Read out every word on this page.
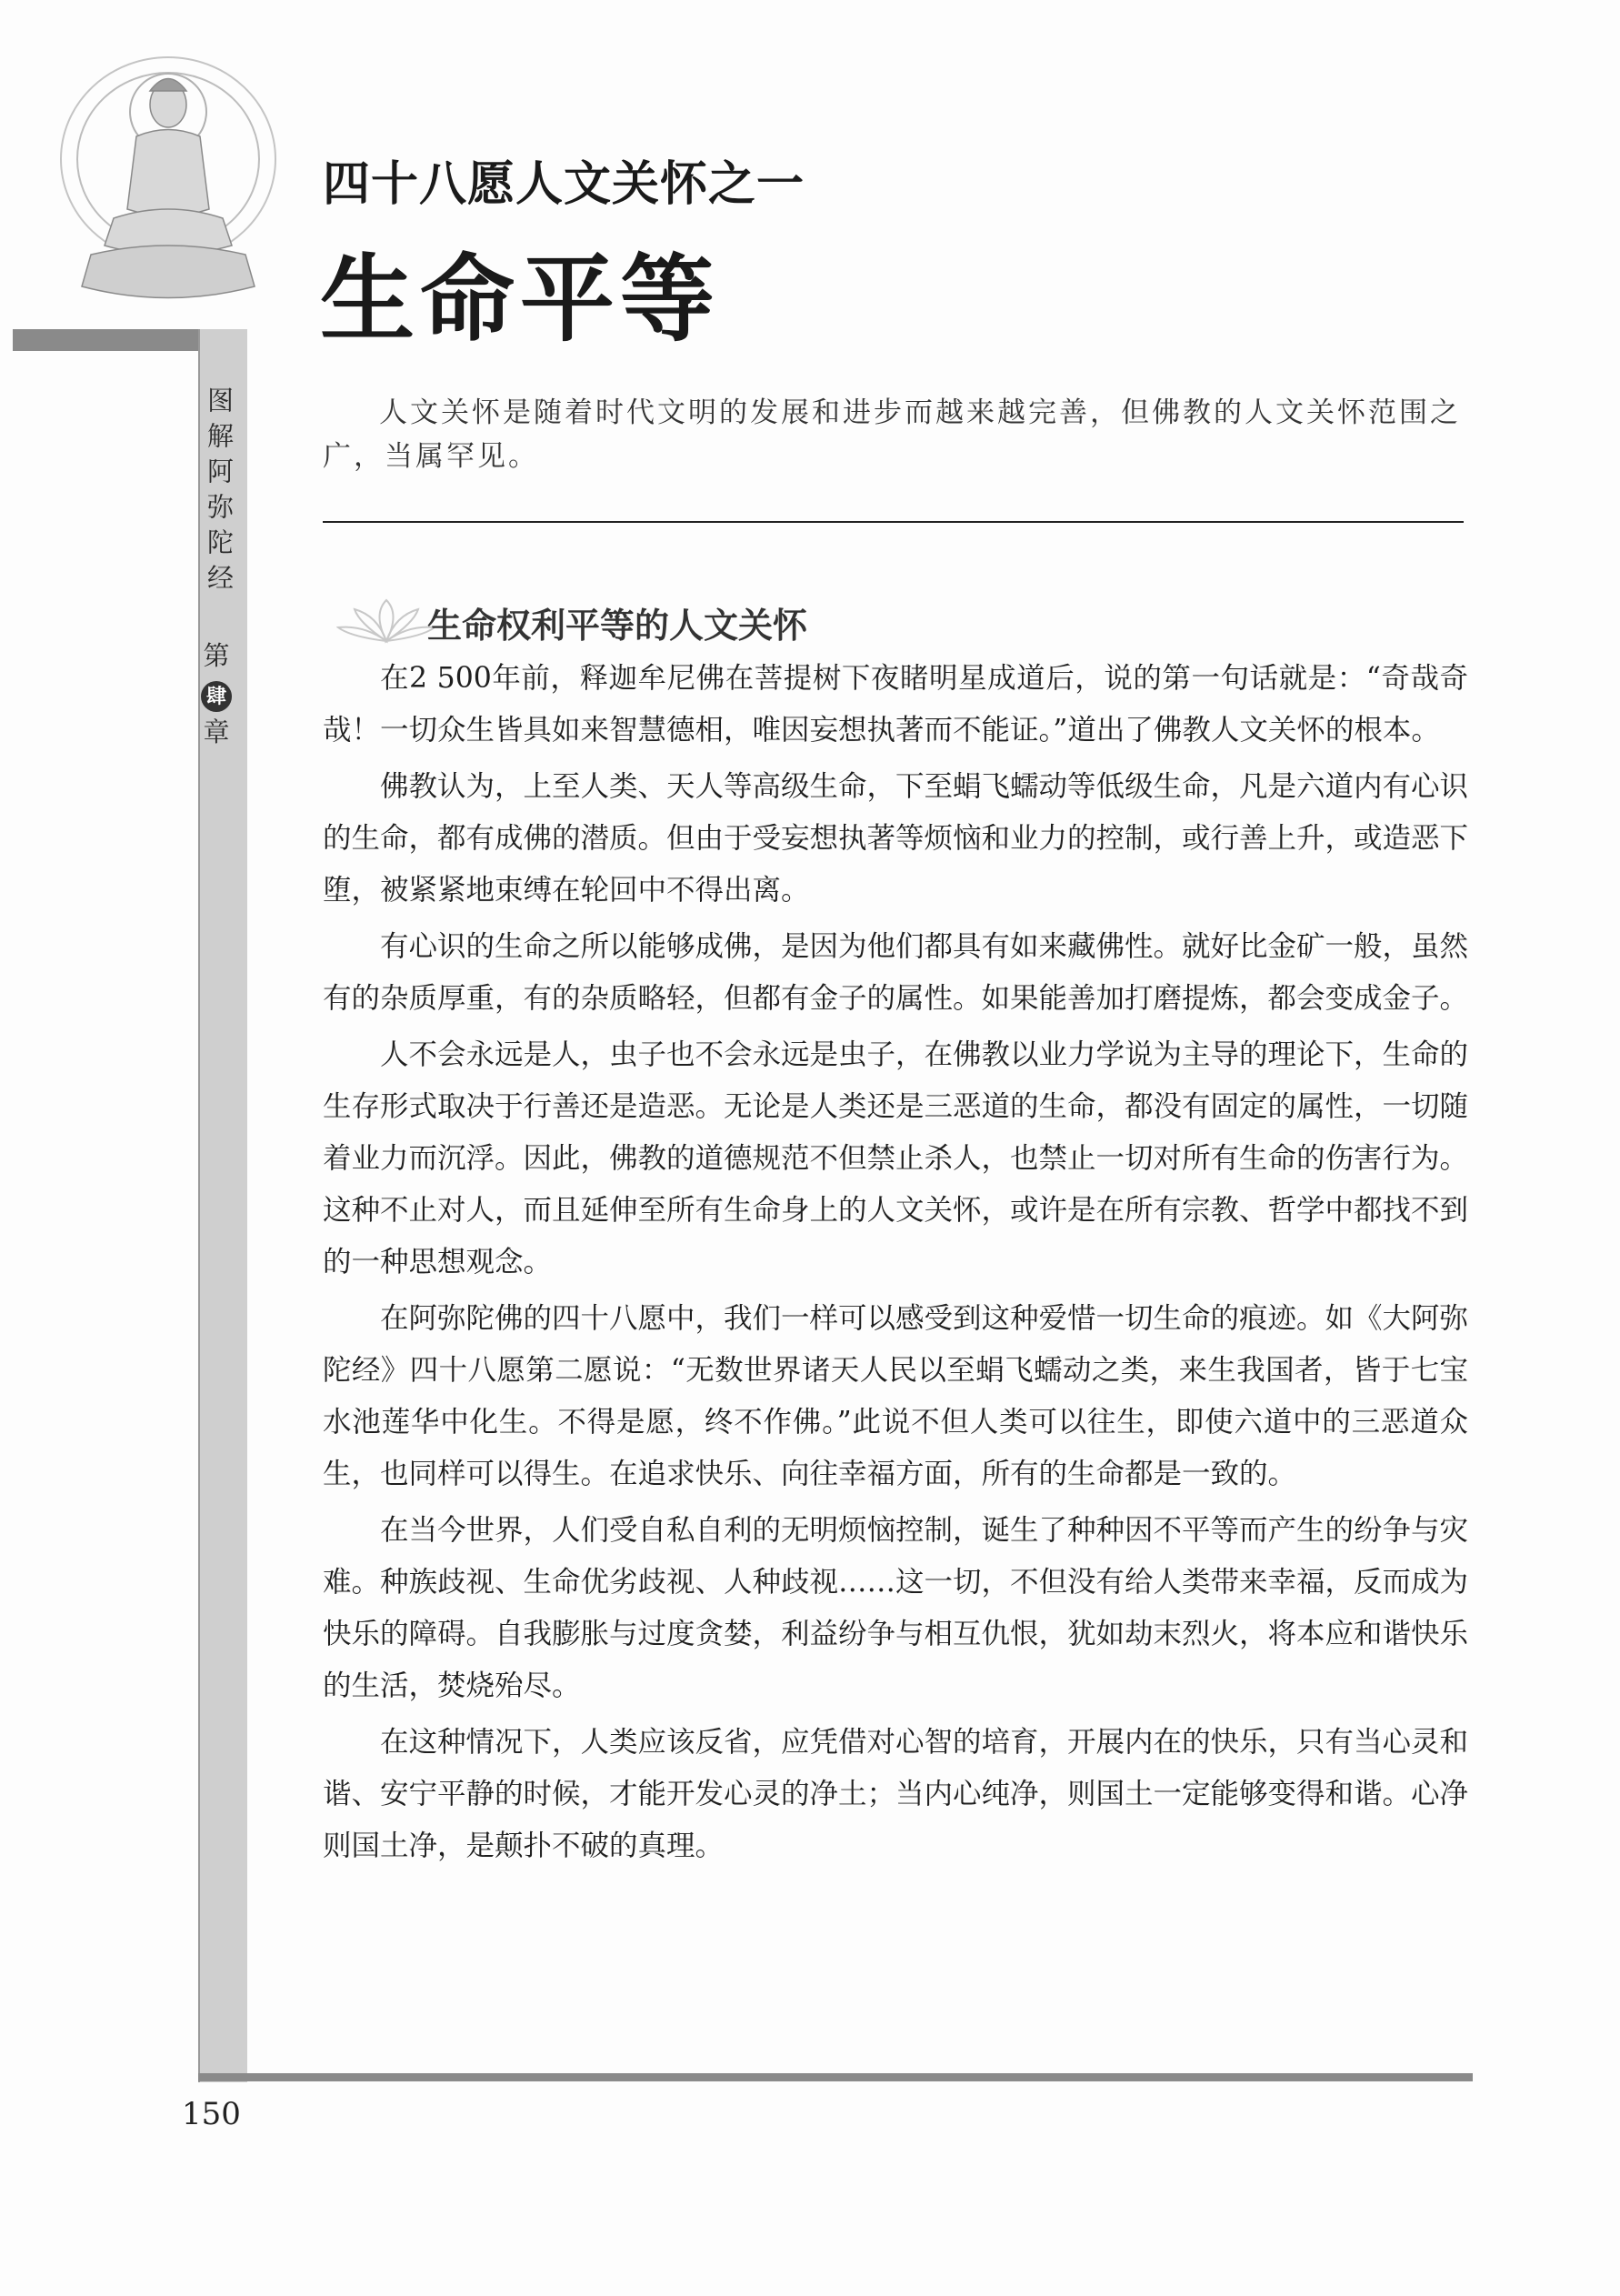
四十八愿人文关怀之一
生命平等
图解阿弥陀经
第
肆
章
人文关怀是随着时代文明的发展和进步而越来越完善，但佛教的人文关怀范围之广，当属罕见。
生命权利平等的人文关怀

在2 500年前，释迦牟尼佛在菩提树下夜睹明星成道后，说的第一句话就是：“奇哉奇哉！一切众生皆具如来智慧德相，唯因妄想执著而不能证。”道出了佛教人文关怀的根本。

佛教认为，上至人类、天人等高级生命，下至蜎飞蠕动等低级生命，凡是六道内有心识的生命，都有成佛的潜质。但由于受妄想执著等烦恼和业力的控制，或行善上升，或造恶下堕，被紧紧地束缚在轮回中不得出离。

有心识的生命之所以能够成佛，是因为他们都具有如来藏佛性。就好比金矿一般，虽然有的杂质厚重，有的杂质略轻，但都有金子的属性。如果能善加打磨提炼，都会变成金子。

人不会永远是人，虫子也不会永远是虫子，在佛教以业力学说为主导的理论下，生命的生存形式取决于行善还是造恶。无论是人类还是三恶道的生命，都没有固定的属性，一切随着业力而沉浮。因此，佛教的道德规范不但禁止杀人，也禁止一切对所有生命的伤害行为。这种不止对人，而且延伸至所有生命身上的人文关怀，或许是在所有宗教、哲学中都找不到的一种思想观念。

在阿弥陀佛的四十八愿中，我们一样可以感受到这种爱惜一切生命的痕迹。如《大阿弥陀经》四十八愿第二愿说：“无数世界诸天人民以至蜎飞蠕动之类，来生我国者，皆于七宝水池莲华中化生。不得是愿，终不作佛。”此说不但人类可以往生，即使六道中的三恶道众生，也同样可以得生。在追求快乐、向往幸福方面，所有的生命都是一致的。

在当今世界，人们受自私自利的无明烦恼控制，诞生了种种因不平等而产生的纷争与灾难。种族歧视、生命优劣歧视、人种歧视……这一切，不但没有给人类带来幸福，反而成为快乐的障碍。自我膨胀与过度贪婪，利益纷争与相互仇恨，犹如劫末烈火，将本应和谐快乐的生活，焚烧殆尽。

在这种情况下，人类应该反省，应凭借对心智的培育，开展内在的快乐，只有当心灵和谐、安宁平静的时候，才能开发心灵的净土；当内心纯净，则国土一定能够变得和谐。心净则国土净，是颠扑不破的真理。

150
